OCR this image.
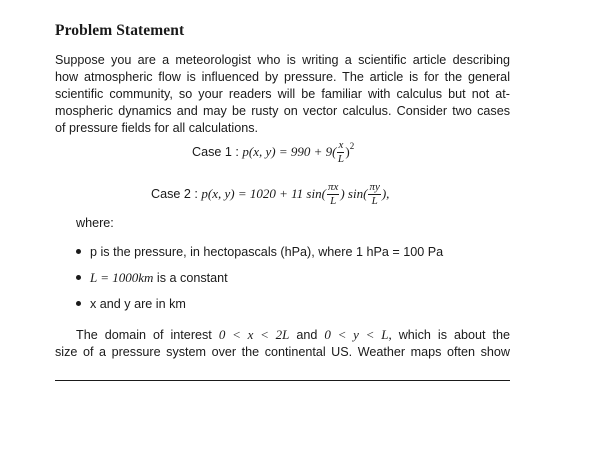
Problem Statement
Suppose you are a meteorologist who is writing a scientific article describing
how atmospheric flow is influenced by pressure. The article is for the general
scientific community, so your readers will be familiar with calculus but not at-
mospheric dynamics and may be rusty on vector calculus. Consider two cases
of pressure fields for all calculations.
Case 1 : p(x, $y) = 990 + 9( \frac{x}{L} )^2$
Case 2 : p(x, y) = 1020 + 11 $\sin( \frac{\pi x}{L}$ ) $\sin( \frac{\pi y}{L}$ ),
where:
p is the pressure, in hectopascals (hPa), where 1 hPa = 100 Pa
L = 1000km is a constant
x and y are in km
The domain of interest 0 < x < 2L and 0 < y < L, which is about the
size of a pressure system over the continental US. Weather maps often show
